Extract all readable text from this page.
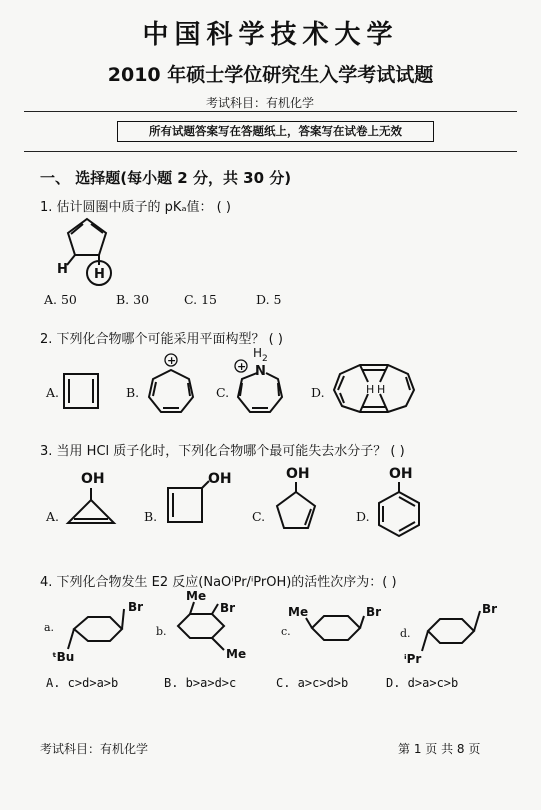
中国科学技术大学
2010 年硕士学位研究生入学考试试题
考试科目：有机化学
所有试题答案写在答题纸上，答案写在试卷上无效
一、 选择题(每小题 2 分，共 30 分)
1. 估计圆圈中质子的 pKₐ值： ( )
H H
A. 50	B. 30	C. 15	D. 5
2. 下列化合物哪个可能采用平面构型？ ( )
A.	B.
+
C.
+ N
H 2
D.	H H
3. 当用 HCl 质子化时，下列化合物哪个最可能失去水分子？ ( )
A.
OH
B.
OH
C.
OH
D.
OH
4. 下列化合物发生 E2 反应(NaOⁱPr/ⁱPrOH)的活性次序为：( )
a.
Br
ᵗBu
b.
Me
Br
Me
c.
Me	Br
d.
Br
ⁱPr
A. c>d>a>b	B. b>a>d>c	C. a>c>d>b	D. d>a>c>b
考试科目：有机化学	第 1 页 共 8 页
